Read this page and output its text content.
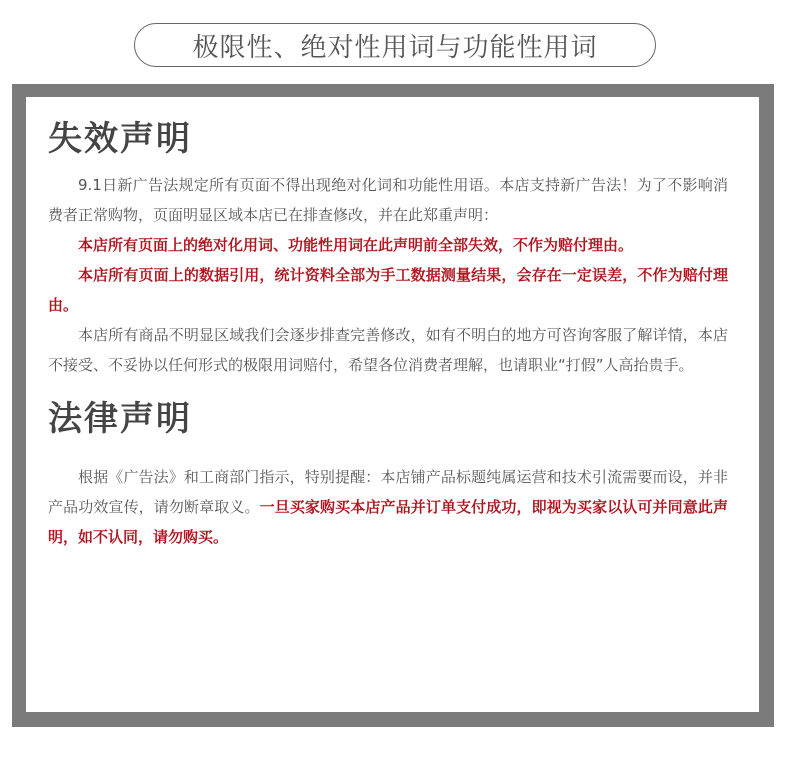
极限性、绝对性用词与功能性用词
失效声明

9.1日新广告法规定所有页面不得出现绝对化词和功能性用语。本店支持新广告法！为了不影响消费者正常购物，页面明显区域本店已在排查修改，并在此郑重声明：

本店所有页面上的绝对化用词、功能性用词在此声明前全部失效，不作为赔付理由。

本店所有页面上的数据引用，统计资料全部为手工数据测量结果，会存在一定误差，不作为赔付理由。

本店所有商品不明显区域我们会逐步排查完善修改，如有不明白的地方可咨询客服了解详情，本店不接受、不妥协以任何形式的极限用词赔付，希望各位消费者理解，也请职业“打假”人高抬贵手。

法律声明

根据《广告法》和工商部门指示，特别提醒：本店铺产品标题纯属运营和技术引流需要而设，并非产品功效宣传，请勿断章取义。一旦买家购买本店产品并订单支付成功，即视为买家以认可并同意此声明，如不认同，请勿购买。
